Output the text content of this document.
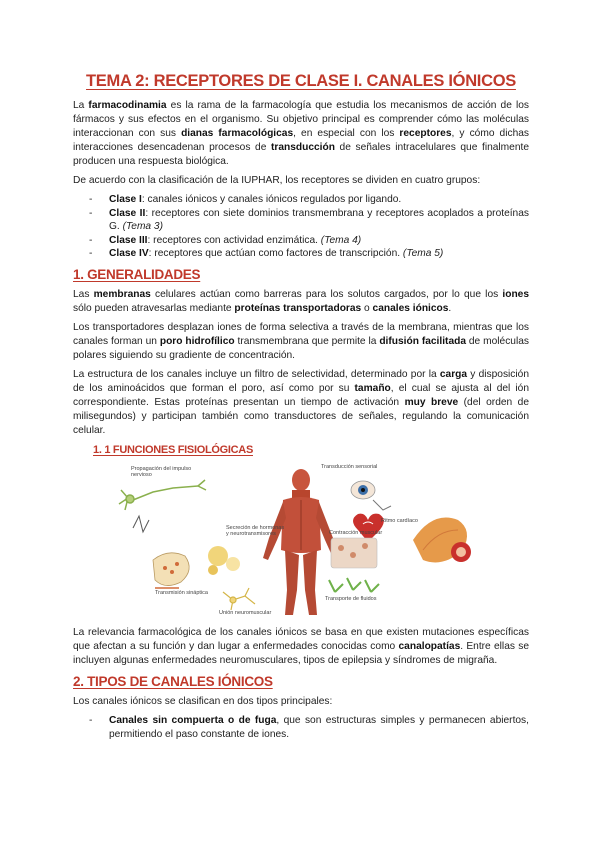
TEMA 2: RECEPTORES DE CLASE I. CANALES IÓNICOS

La farmacodinamia es la rama de la farmacología que estudia los mecanismos de acción de los fármacos y sus efectos en el organismo. Su objetivo principal es comprender cómo las moléculas interaccionan con sus dianas farmacológicas, en especial con los receptores, y cómo dichas interacciones desencadenan procesos de transducción de señales intracelulares que finalmente producen una respuesta biológica.

De acuerdo con la clasificación de la IUPHAR, los receptores se dividen en cuatro grupos:

- Clase I: canales iónicos y canales iónicos regulados por ligando.
- Clase II: receptores con siete dominios transmembrana y receptores acoplados a proteínas G. (Tema 3)
- Clase III: receptores con actividad enzimática. (Tema 4)
- Clase IV: receptores que actúan como factores de transcripción. (Tema 5)
1. GENERALIDADES

Las membranas celulares actúan como barreras para los solutos cargados, por lo que los iones sólo pueden atravesarlas mediante proteínas transportadoras o canales iónicos.

Los transportadores desplazan iones de forma selectiva a través de la membrana, mientras que los canales forman un poro hidrofílico transmembrana que permite la difusión facilitada de moléculas polares siguiendo su gradiente de concentración.

La estructura de los canales incluye un filtro de selectividad, determinado por la carga y disposición de los aminoácidos que forman el poro, así como por su tamaño, el cual se ajusta al del ión correspondiente. Estas proteínas presentan un tiempo de activación muy breve (del orden de milisegundos) y participan también como transductores de señales, regulando la comunicación celular.

1. 1 FUNCIONES FISIOLÓGICAS
Propagación del impulso nervioso
Transducción sensorial
Ritmo cardíaco
Secreción de hormonas y neurotransmisores	Contracción muscular
Transmisión sináptica
Transporte de fluidos
Unión neuromuscular

La relevancia farmacológica de los canales iónicos se basa en que existen mutaciones específicas que afectan a su función y dan lugar a enfermedades conocidas como canalopatías. Entre ellas se incluyen algunas enfermedades neuromusculares, tipos de epilepsia y síndromes de migraña.

2. TIPOS DE CANALES IÓNICOS

Los canales iónicos se clasifican en dos tipos principales:

- Canales sin compuerta o de fuga, que son estructuras simples y permanecen abiertos, permitiendo el paso constante de iones.
